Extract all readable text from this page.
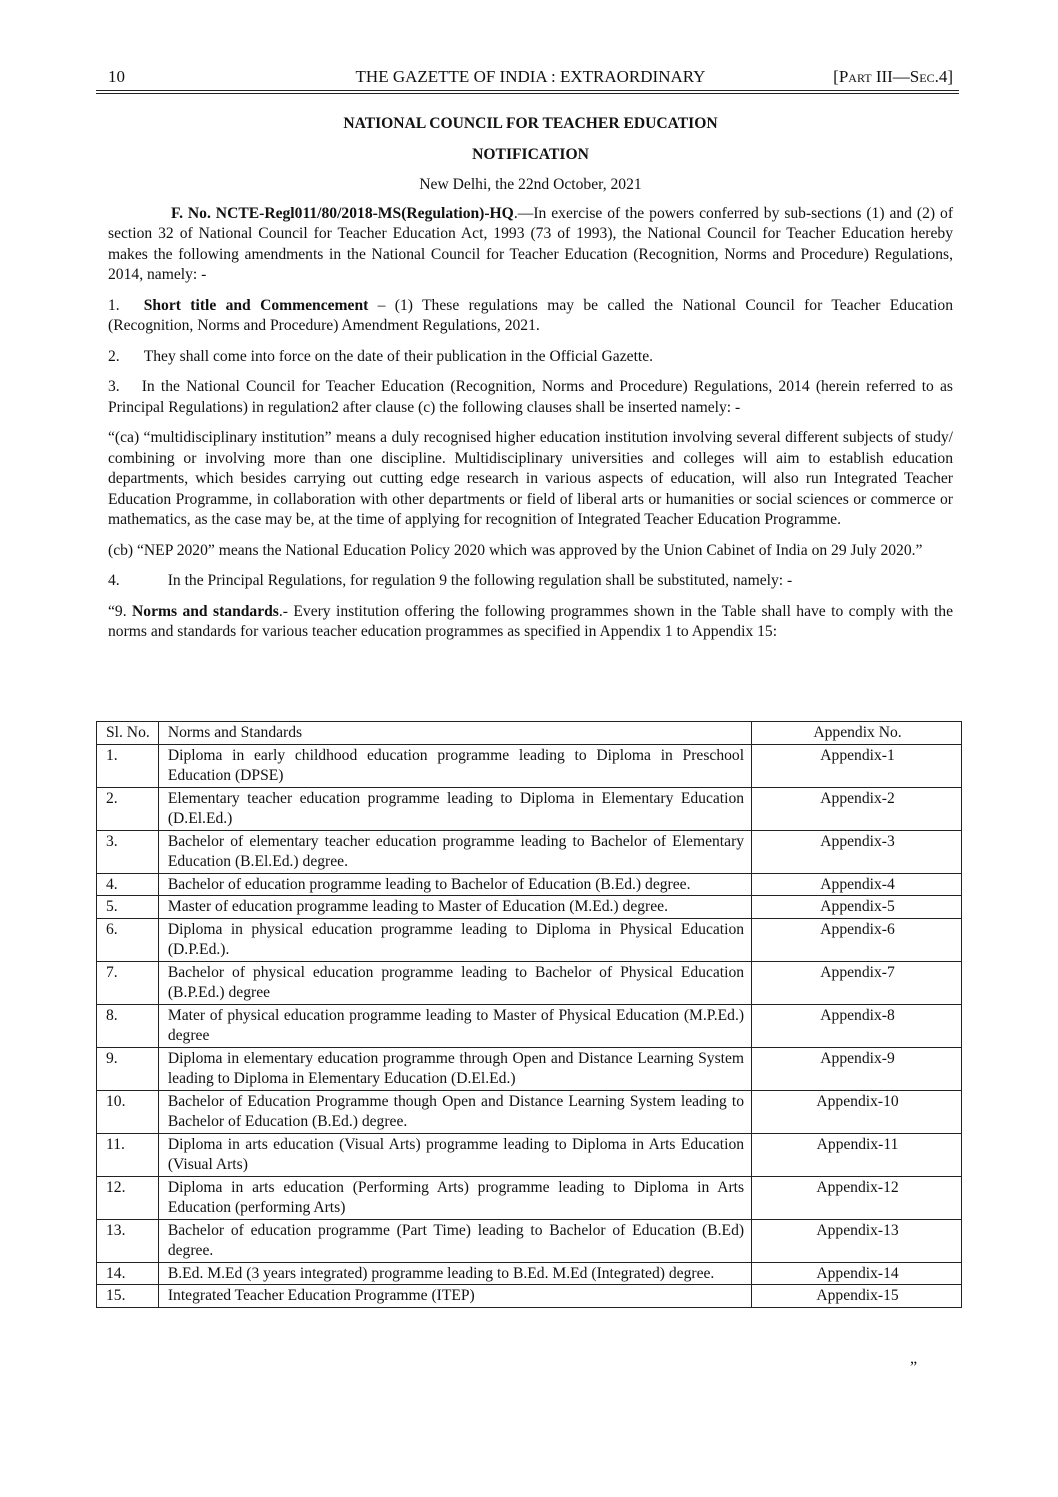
10	THE GAZETTE OF INDIA : EXTRAORDINARY	[Part III—Sec.4]
NATIONAL COUNCIL FOR TEACHER EDUCATION
NOTIFICATION
New Delhi, the 22nd October, 2021

F. No. NCTE-Regl011/80/2018-MS(Regulation)-HQ.—In exercise of the powers conferred by sub-sections (1) and (2) of section 32 of National Council for Teacher Education Act, 1993 (73 of 1993), the National Council for Teacher Education hereby makes the following amendments in the National Council for Teacher Education (Recognition, Norms and Procedure) Regulations, 2014, namely: -

1. Short title and Commencement – (1) These regulations may be called the National Council for Teacher Education (Recognition, Norms and Procedure) Amendment Regulations, 2021.

2. They shall come into force on the date of their publication in the Official Gazette.

3. In the National Council for Teacher Education (Recognition, Norms and Procedure) Regulations, 2014 (herein referred to as Principal Regulations) in regulation2 after clause (c) the following clauses shall be inserted namely: -

“(ca) “multidisciplinary institution” means a duly recognised higher education institution involving several different subjects of study/ combining or involving more than one discipline. Multidisciplinary universities and colleges will aim to establish education departments, which besides carrying out cutting edge research in various aspects of education, will also run Integrated Teacher Education Programme, in collaboration with other departments or field of liberal arts or humanities or social sciences or commerce or mathematics, as the case may be, at the time of applying for recognition of Integrated Teacher Education Programme.

(cb) “NEP 2020” means the National Education Policy 2020 which was approved by the Union Cabinet of India on 29 July 2020.”

4.	In the Principal Regulations, for regulation 9 the following regulation shall be substituted, namely: -

“9. Norms and standards.- Every institution offering the following programmes shown in the Table shall have to comply with the norms and standards for various teacher education programmes as specified in Appendix 1 to Appendix 15:

Sl. No.	Norms and Standards	Appendix No.
1.	Diploma in early childhood education programme leading to Diploma in Preschool Education (DPSE)	Appendix-1
2.	Elementary teacher education programme leading to Diploma in Elementary Education (D.El.Ed.)	Appendix-2
3.	Bachelor of elementary teacher education programme leading to Bachelor of Elementary Education (B.El.Ed.) degree.	Appendix-3
4.	Bachelor of education programme leading to Bachelor of Education (B.Ed.) degree.	Appendix-4
5.	Master of education programme leading to Master of Education (M.Ed.) degree.	Appendix-5
6.	Diploma in physical education programme leading to Diploma in Physical Education (D.P.Ed.).	Appendix-6
7.	Bachelor of physical education programme leading to Bachelor of Physical Education (B.P.Ed.) degree	Appendix-7
8.	Mater of physical education programme leading to Master of Physical Education (M.P.Ed.) degree	Appendix-8
9.	Diploma in elementary education programme through Open and Distance Learning System leading to Diploma in Elementary Education (D.El.Ed.)	Appendix-9
10.	Bachelor of Education Programme though Open and Distance Learning System leading to Bachelor of Education (B.Ed.) degree.	Appendix-10
11.	Diploma in arts education (Visual Arts) programme leading to Diploma in Arts Education (Visual Arts)	Appendix-11
12.	Diploma in arts education (Performing Arts) programme leading to Diploma in Arts Education (performing Arts)	Appendix-12
13.	Bachelor of education programme (Part Time) leading to Bachelor of Education (B.Ed) degree.	Appendix-13
14.	B.Ed. M.Ed (3 years integrated) programme leading to B.Ed. M.Ed (Integrated) degree.	Appendix-14
15.	Integrated Teacher Education Programme (ITEP)	Appendix-15
”
